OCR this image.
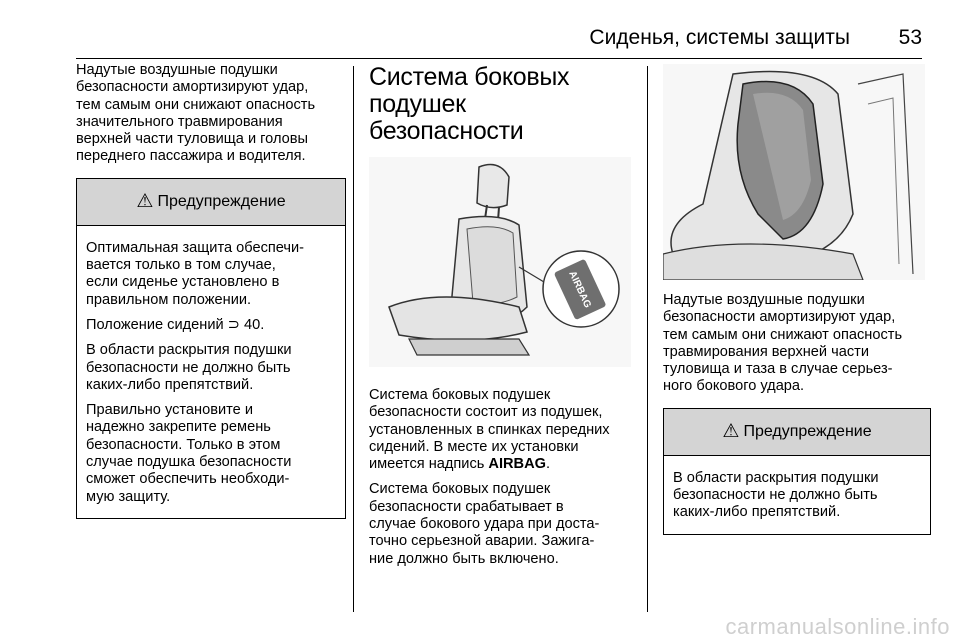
Сиденья, системы защиты 53

Надутые воздушные подушки
безопасности амортизируют удар,
тем самым они снижают опасность
значительного травмирования
верхней части туловища и головы
переднего пассажира и водителя.

⚠ Предупреждение

Оптимальная защита обеспечи-
вается только в том случае,
если сиденье установлено в
правильном положении.

Положение сидений ⊃ 40.

В области раскрытия подушки
безопасности не должно быть
каких-либо препятствий.

Правильно установите и
надежно закрепите ремень
безопасности. Только в этом
случае подушка безопасности
сможет обеспечить необходи-
мую защиту.

Система боковых подушек
безопасности
AIRBAG

Система боковых подушек
безопасности состоит из подушек,
установленных в спинках передних
сидений. В месте их установки
имеется надпись AIRBAG.

Система боковых подушек
безопасности срабатывает в
случае бокового удара при доста-
точно серьезной аварии. Зажига-
ние должно быть включено.

Надутые воздушные подушки
безопасности амортизируют удар,
тем самым они снижают опасность
травмирования верхней части
туловища и таза в случае серьез-
ного бокового удара.

⚠ Предупреждение

В области раскрытия подушки
безопасности не должно быть
каких-либо препятствий.

carmanualsonline.info
